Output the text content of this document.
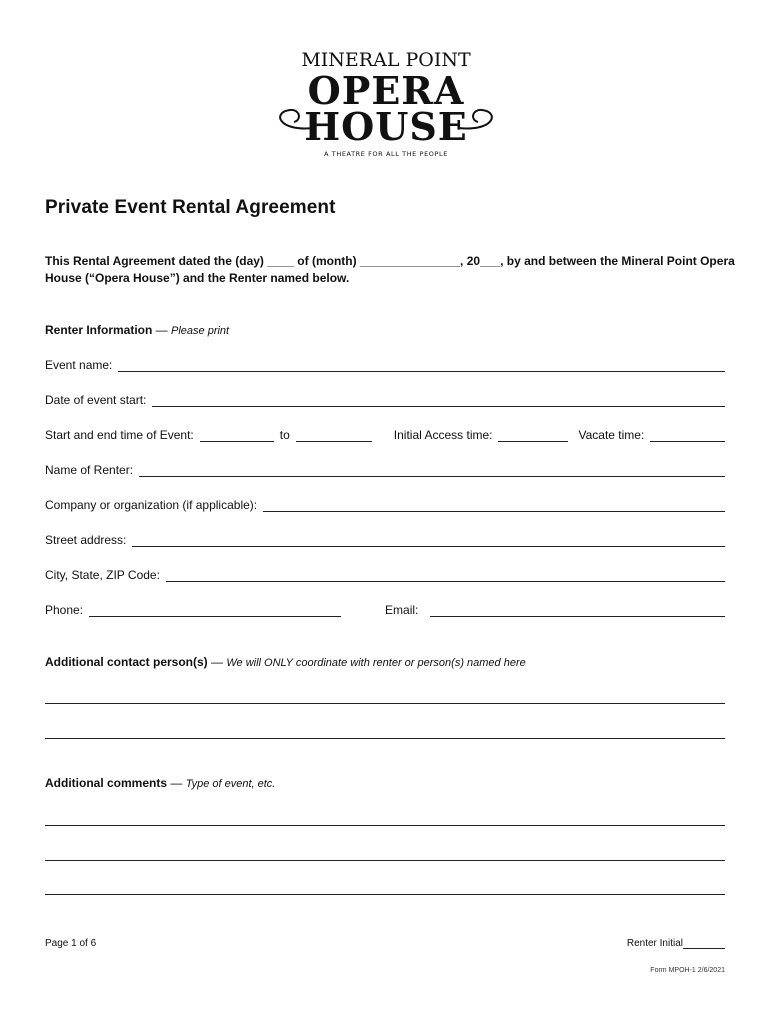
MINERAL POINT
OPERA
HOUSE
A THEATRE FOR ALL THE PEOPLE
Private Event Rental Agreement
This Rental Agreement dated the (day) ____ of (month) _______________, 20___, by and between the Mineral Point Opera House (“Opera House”) and the Renter named below.
Renter Information — Please print
Event name:
Date of event start:
Start and end time of Event:	to	Initial Access time:	Vacate time:
Name of Renter:
Company or organization (if applicable):
Street address:
City, State, ZIP Code:
Phone:	Email:
Additional contact person(s) — We will ONLY coordinate with renter or person(s) named here
Additional comments — Type of event, etc.
Page 1 of 6	Renter Initial
Form MPOH-1 2/6/2021
